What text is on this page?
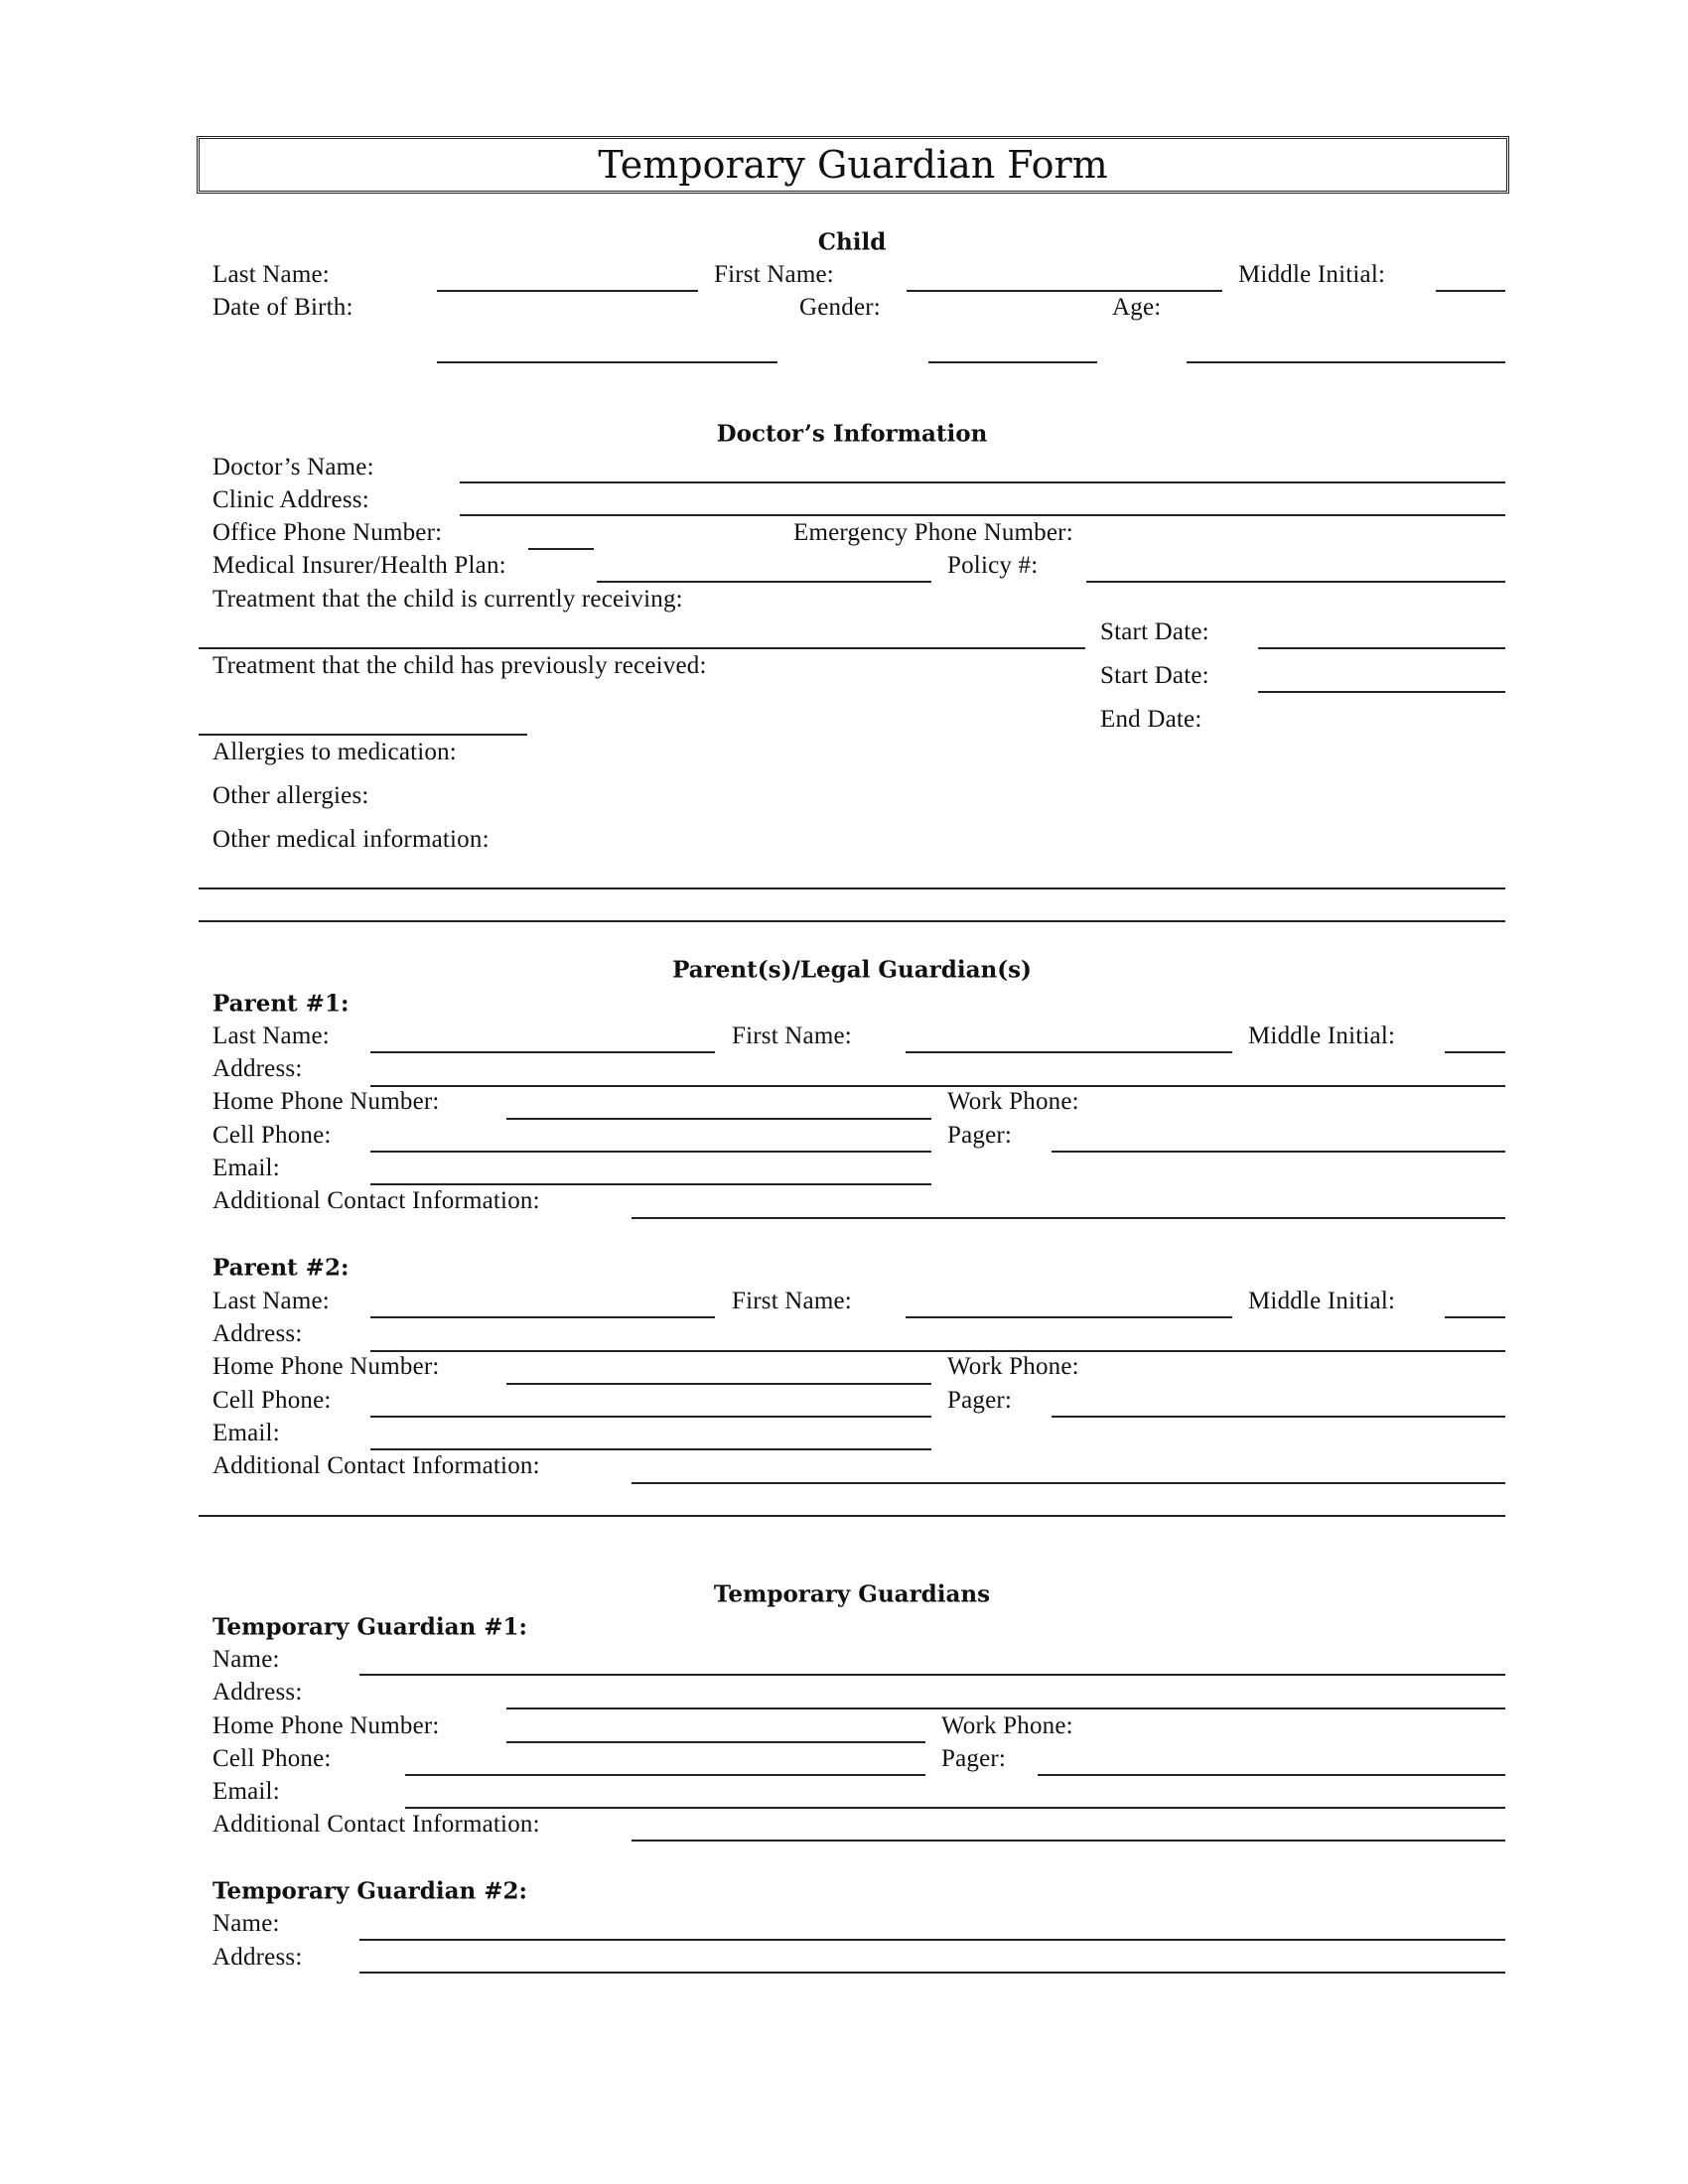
Temporary Guardian Form
Child
Last Name:	First Name:	Middle Initial:
Date of Birth:	Gender:	Age:
Doctor’s Information
Doctor’s Name:
Clinic Address:
Office Phone Number:	Emergency Phone Number:
Medical Insurer/Health Plan:	Policy #:
Treatment that the child is currently receiving:
Start Date:
Treatment that the child has previously received:	Start Date:
End Date:
Allergies to medication:
Other allergies:
Other medical information:
Parent(s)/Legal Guardian(s)
Parent #1:
Last Name:	First Name:	Middle Initial:
Address:
Home Phone Number:	Work Phone:
Cell Phone:	Pager:
Email:
Additional Contact Information:
Parent #2:
Last Name:	First Name:	Middle Initial:
Address:
Home Phone Number:	Work Phone:
Cell Phone:	Pager:
Email:
Additional Contact Information:
Temporary Guardians
Temporary Guardian #1:
Name:
Address:
Home Phone Number:	Work Phone:
Cell Phone:	Pager:
Email:
Additional Contact Information:
Temporary Guardian #2:
Name:
Address:
